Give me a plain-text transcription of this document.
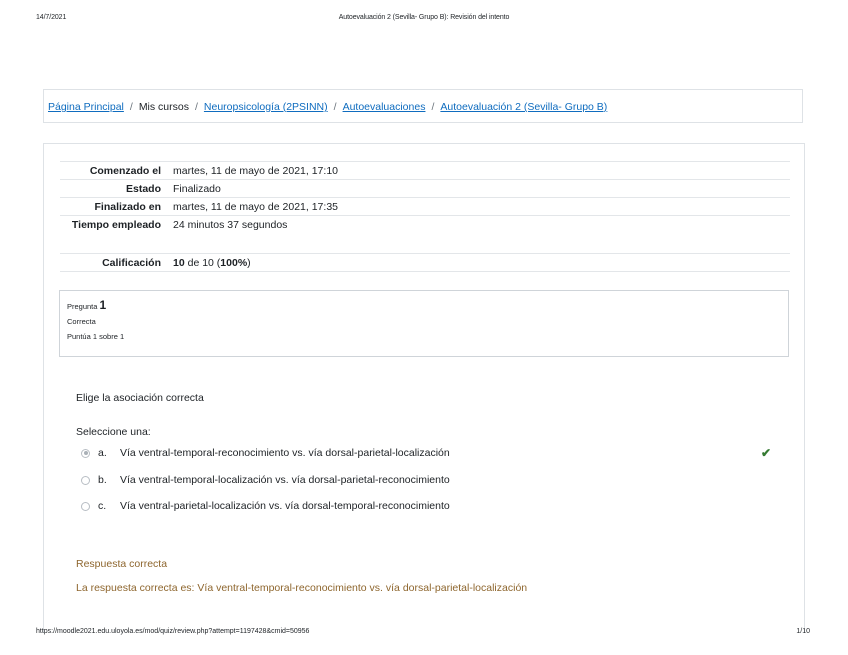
14/7/2021	Autoevaluación 2 (Sevilla- Grupo B): Revisión del intento
Página Principal / Mis cursos / Neuropsicología (2PSINN) / Autoevaluaciones / Autoevaluación 2 (Sevilla- Grupo B)
Comenzado el	martes, 11 de mayo de 2021, 17:10
Estado	Finalizado
Finalizado en	martes, 11 de mayo de 2021, 17:35
Tiempo empleado	24 minutos 37 segundos
Calificación	10 de 10 (100%)
Pregunta 1
Correcta
Puntúa 1 sobre 1
Elige la asociación correcta
Seleccione una:
a.	Vía ventral-temporal-reconocimiento vs. vía dorsal-parietal-localización	✔
b.	Vía ventral-temporal-localización vs. vía dorsal-parietal-reconocimiento
c.	Vía ventral-parietal-localización vs. vía dorsal-temporal-reconocimiento
Respuesta correcta
La respuesta correcta es: Vía ventral-temporal-reconocimiento vs. vía dorsal-parietal-localización
https://moodle2021.edu.uloyola.es/mod/quiz/review.php?attempt=1197428&cmid=50956	1/10
